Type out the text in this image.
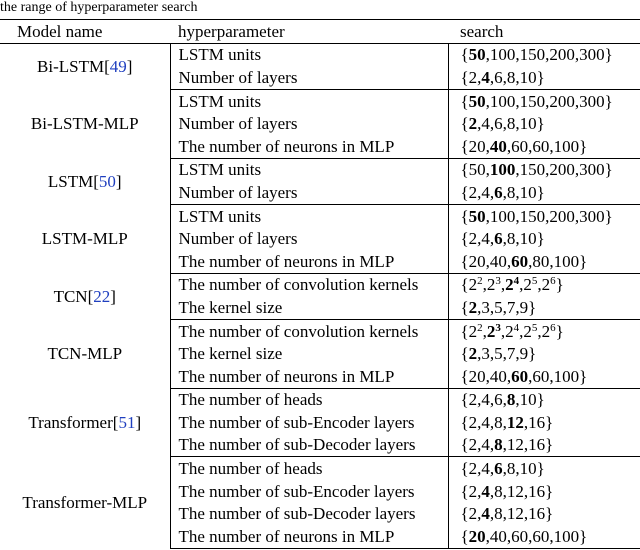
the range of hyperparameter search
Model name	hyperparameter	search
Bi-LSTM[49]	LSTM units	{50,100,150,200,300}
	Number of layers	{2,4,6,8,10}
Bi-LSTM-MLP	LSTM units	{50,100,150,200,300}
	Number of layers	{2,4,6,8,10}
	The number of neurons in MLP	{20,40,60,60,100}
LSTM[50]	LSTM units	{50,100,150,200,300}
	Number of layers	{2,4,6,8,10}
LSTM-MLP	LSTM units	{50,100,150,200,300}
	Number of layers	{2,4,6,8,10}
	The number of neurons in MLP	{20,40,60,80,100}
TCN[22]	The number of convolution kernels	$\{2^2,2^3,2^4,2^5,2^6\}$
	The kernel size	{2,3,5,7,9}
TCN-MLP	The number of convolution kernels	$\{2^2,2^3,2^4,2^5,2^6\}$
	The kernel size	{2,3,5,7,9}
	The number of neurons in MLP	{20,40,60,60,100}
Transformer[51]	The number of heads	{2,4,6,8,10}
	The number of sub-Encoder layers	{2,4,8,12,16}
	The number of sub-Decoder layers	{2,4,8,12,16}
Transformer-MLP	The number of heads	{2,4,6,8,10}
	The number of sub-Encoder layers	{2,4,8,12,16}
	The number of sub-Decoder layers	{2,4,8,12,16}
	The number of neurons in MLP	{20,40,60,60,100}
